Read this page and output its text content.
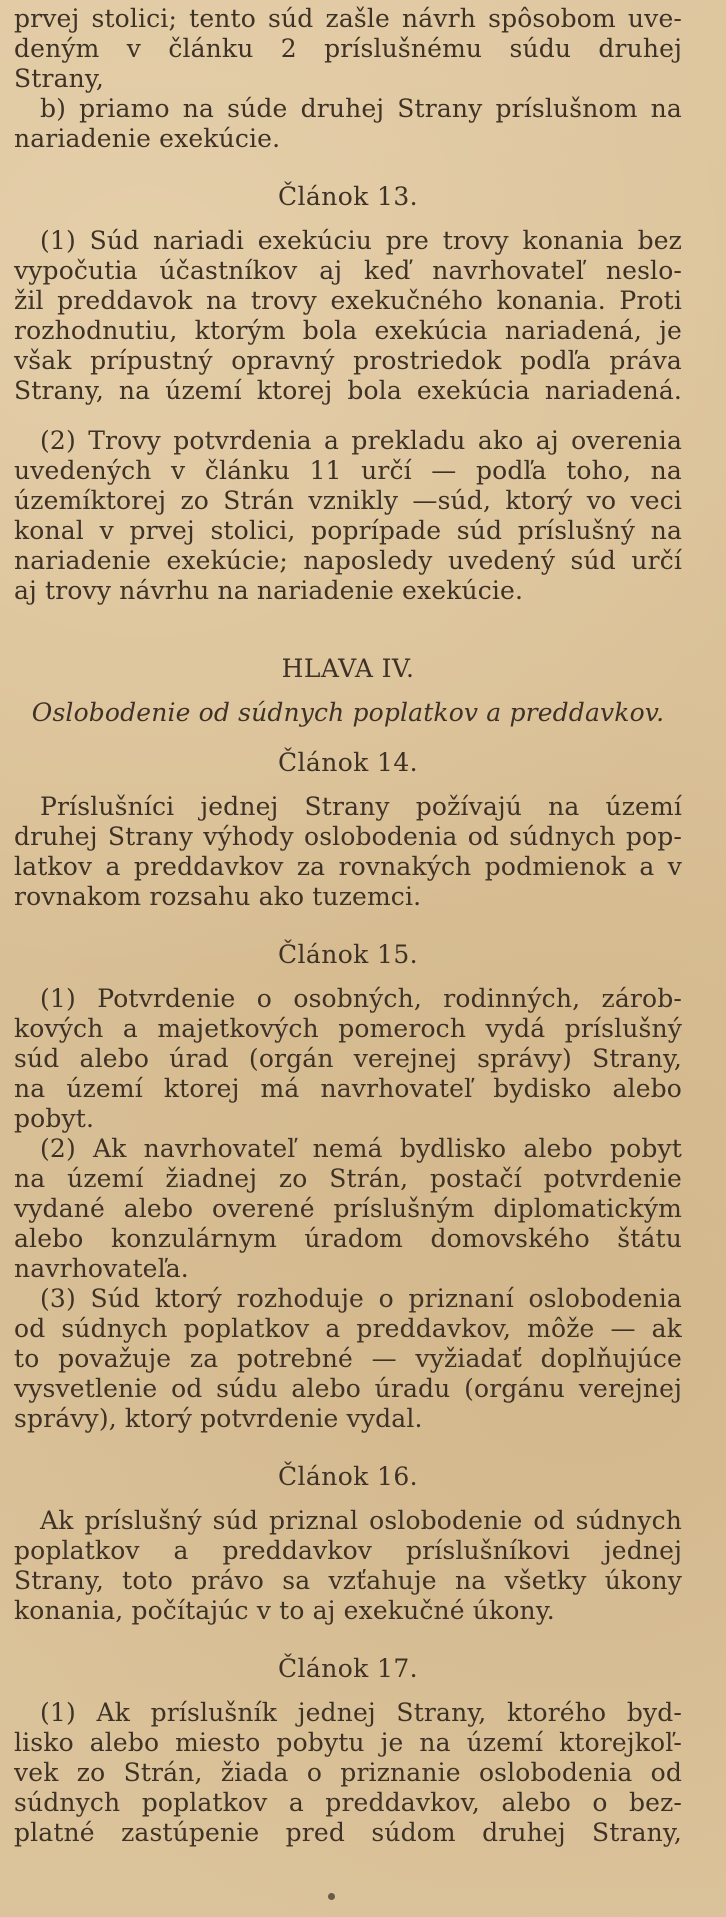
prvej stolici; tento súd zašle návrh spôsobom uve-
deným v článku 2 príslušnému súdu druhej
Strany,
b) priamo na súde druhej Strany príslušnom na
nariadenie exekúcie.
Článok 13.
(1) Súd nariadi exekúciu pre trovy konania bez
vypočutia účastníkov aj keď navrhovateľ neslo-
žil preddavok na trovy exekučného konania. Proti
rozhodnutiu, ktorým bola exekúcia nariadená, je
však prípustný opravný prostriedok podľa práva
Strany, na území ktorej bola exekúcia nariadená.
(2) Trovy potvrdenia a prekladu ako aj overenia
uvedených v článku 11 určí — podľa toho, na
územíktorej zo Strán vznikly —súd, ktorý vo veci
konal v prvej stolici, poprípade súd príslušný na
nariadenie exekúcie; naposledy uvedený súd určí
aj trovy návrhu na nariadenie exekúcie.
HLAVA IV.
Oslobodenie od súdnych poplatkov a preddavkov.
Článok 14.
Príslušníci jednej Strany požívajú na území
druhej Strany výhody oslobodenia od súdnych pop-
latkov a preddavkov za rovnakých podmienok a v
rovnakom rozsahu ako tuzemci.
Článok 15.
(1) Potvrdenie o osobných, rodinných, zárob-
kových a majetkových pomeroch vydá príslušný
súd alebo úrad (orgán verejnej správy) Strany,
na území ktorej má navrhovateľ bydisko alebo
pobyt.
(2) Ak navrhovateľ nemá bydlisko alebo pobyt
na území žiadnej zo Strán, postačí potvrdenie
vydané alebo overené príslušným diplomatickým
alebo konzulárnym úradom domovského štátu
navrhovateľa.
(3) Súd ktorý rozhoduje o priznaní oslobodenia
od súdnych poplatkov a preddavkov, môže — ak
to považuje za potrebné — vyžiadať doplňujúce
vysvetlenie od súdu alebo úradu (orgánu verejnej
správy), ktorý potvrdenie vydal.
Článok 16.
Ak príslušný súd priznal oslobodenie od súdnych
poplatkov a preddavkov príslušníkovi jednej
Strany, toto právo sa vzťahuje na všetky úkony
konania, počítajúc v to aj exekučné úkony.
Článok 17.
(1) Ak príslušník jednej Strany, ktorého byd-
lisko alebo miesto pobytu je na území ktorejkoľ-
vek zo Strán, žiada o priznanie oslobodenia od
súdnych poplatkov a preddavkov, alebo o bez-
platné zastúpenie pred súdom druhej Strany,
